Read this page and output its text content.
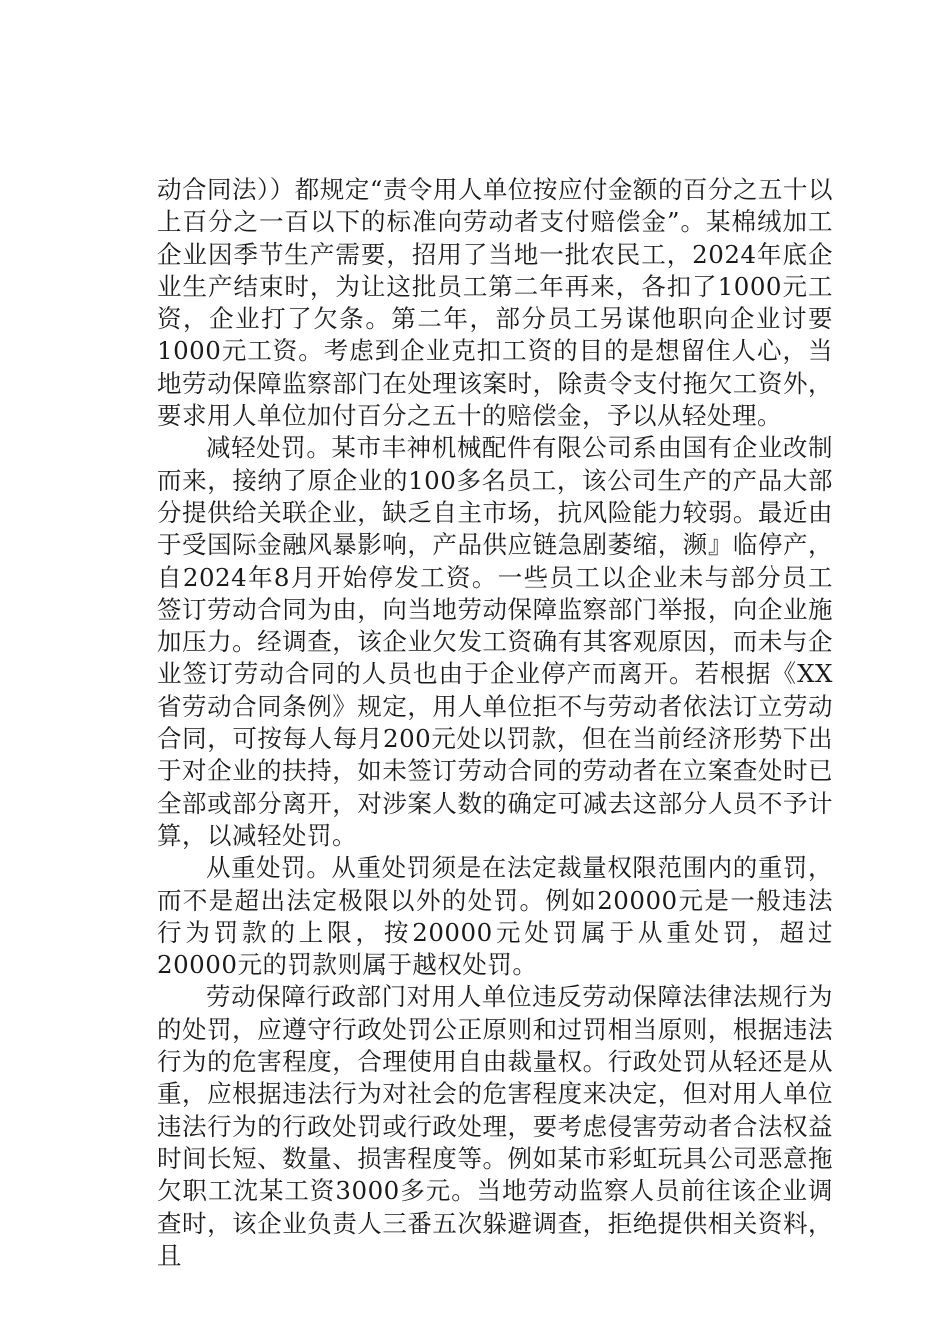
动合同法））都规定“责令用人单位按应付金额的百分之五十以上百分之一百以下的标准向劳动者支付赔偿金”。某棉绒加工企业因季节生产需要，招用了当地一批农民工，2024年底企业生产结束时，为让这批员工第二年再来，各扣了1000元工资，企业打了欠条。第二年，部分员工另谋他职向企业讨要1000元工资。考虑到企业克扣工资的目的是想留住人心，当地劳动保障监察部门在处理该案时，除责令支付拖欠工资外，要求用人单位加付百分之五十的赔偿金，予以从轻处理。

减轻处罚。某市丰神机械配件有限公司系由国有企业改制而来，接纳了原企业的100多名员工，该公司生产的产品大部分提供给关联企业，缺乏自主市场，抗风险能力较弱。最近由于受国际金融风暴影响，产品供应链急剧萎缩，濒』临停产，自2024年8月开始停发工资。一些员工以企业未与部分员工签订劳动合同为由，向当地劳动保障监察部门举报，向企业施加压力。经调查，该企业欠发工资确有其客观原因，而未与企业签订劳动合同的人员也由于企业停产而离开。若根据《XX省劳动合同条例》规定，用人单位拒不与劳动者依法订立劳动合同，可按每人每月200元处以罚款，但在当前经济形势下出于对企业的扶持，如未签订劳动合同的劳动者在立案查处时已全部或部分离开，对涉案人数的确定可减去这部分人员不予计算，以减轻处罚。

从重处罚。从重处罚须是在法定裁量权限范围内的重罚，而不是超出法定极限以外的处罚。例如20000元是一般违法行为罚款的上限，按20000元处罚属于从重处罚，超过20000元的罚款则属于越权处罚。

劳动保障行政部门对用人单位违反劳动保障法律法规行为的处罚，应遵守行政处罚公正原则和过罚相当原则，根据违法行为的危害程度，合理使用自由裁量权。行政处罚从轻还是从重，应根据违法行为对社会的危害程度来决定，但对用人单位违法行为的行政处罚或行政处理，要考虑侵害劳动者合法权益时间长短、数量、损害程度等。例如某市彩虹玩具公司恶意拖欠职工沈某工资3000多元。当地劳动监察人员前往该企业调查时，该企业负责人三番五次躲避调查，拒绝提供相关资料，且
